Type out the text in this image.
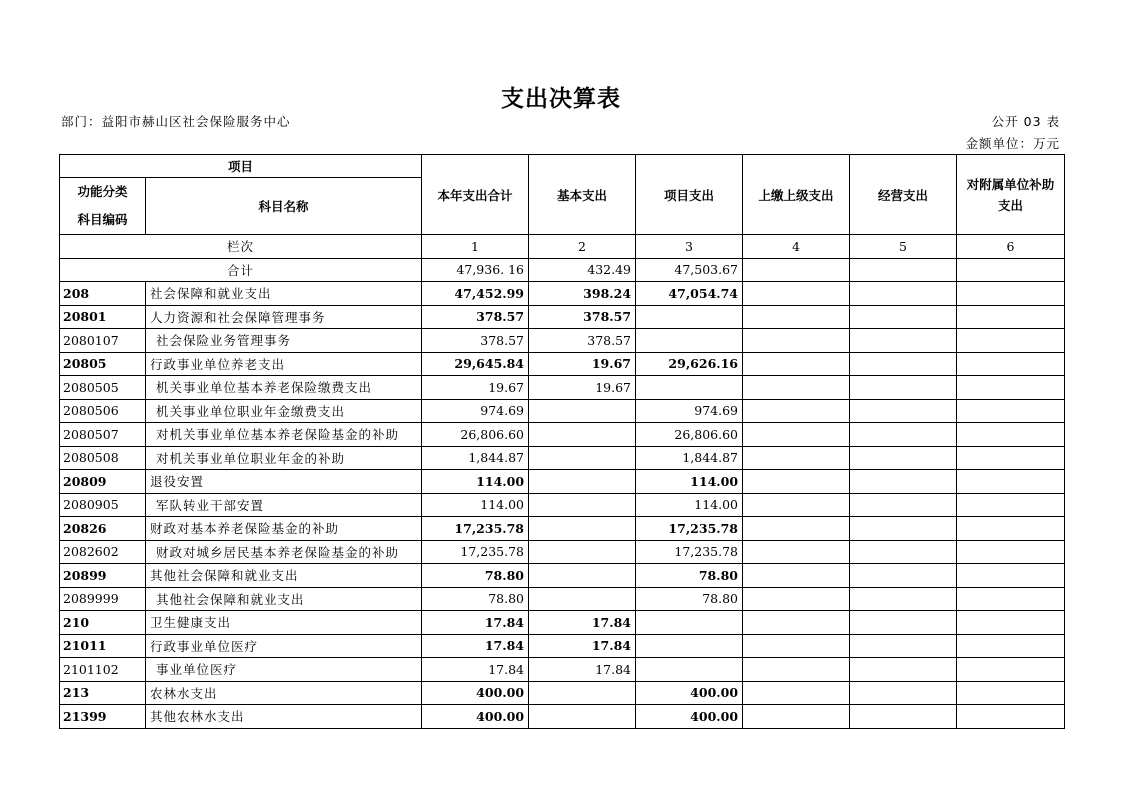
支出决算表
部门：益阳市赫山区社会保险服务中心	公开 03 表
金额单位：万元
项目		本年支出合计	基本支出	项目支出	上缴上级支出	经营支出	对附属单位补助支出

功能分类
科目编码	科目名称						
栏次		1	2	3	4	5	6
合计		47,936. 16	432.49	47,503.67			
208	社会保障和就业支出	47,452.99	398.24	47,054.74			
20801	人力资源和社会保障管理事务	378.57	378.57				
2080107	社会保险业务管理事务	378.57	378.57				
20805	行政事业单位养老支出	29,645.84	19.67	29,626.16			
2080505	机关事业单位基本养老保险缴费支出	19.67	19.67				
2080506	机关事业单位职业年金缴费支出	974.69		974.69			
2080507	对机关事业单位基本养老保险基金的补助	26,806.60		26,806.60			
2080508	对机关事业单位职业年金的补助	1,844.87		1,844.87			
20809	退役安置	114.00		114.00			
2080905	军队转业干部安置	114.00		114.00			
20826	财政对基本养老保险基金的补助	17,235.78		17,235.78			
2082602	财政对城乡居民基本养老保险基金的补助	17,235.78		17,235.78			
20899	其他社会保障和就业支出	78.80		78.80			
2089999	其他社会保障和就业支出	78.80		78.80			
210	卫生健康支出	17.84	17.84				
21011	行政事业单位医疗	17.84	17.84				
2101102	事业单位医疗	17.84	17.84				
213	农林水支出	400.00		400.00			
21399	其他农林水支出	400.00		400.00			
